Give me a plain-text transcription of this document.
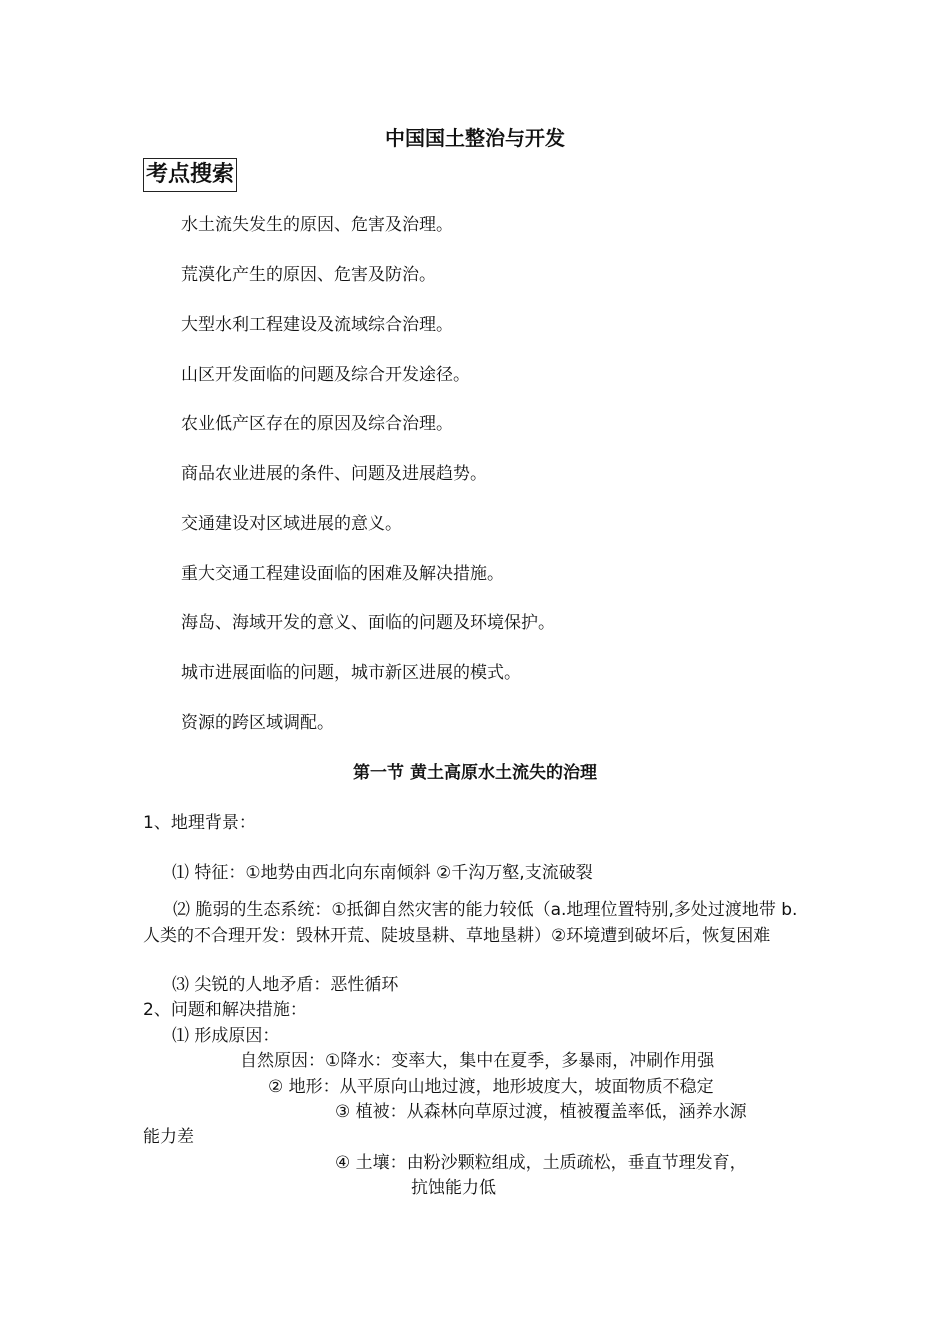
中国国土整治与开发
考点搜索
水土流失发生的原因、危害及治理。
荒漠化产生的原因、危害及防治。
大型水利工程建设及流域综合治理。
山区开发面临的问题及综合开发途径。
农业低产区存在的原因及综合治理。
商品农业进展的条件、问题及进展趋势。
交通建设对区域进展的意义。
重大交通工程建设面临的困难及解决措施。
海岛、海域开发的意义、面临的问题及环境保护。
城市进展面临的问题，城市新区进展的模式。
资源的跨区域调配。
第一节 黄土高原水土流失的治理
1、地理背景：
⑴ 特征：①地势由西北向东南倾斜 ②千沟万壑,支流破裂
⑵ 脆弱的生态系统：①抵御自然灾害的能力较低（a.地理位置特别,多处过渡地带 b.人类的不合理开发：毁林开荒、陡坡垦耕、草地垦耕）②环境遭到破坏后，恢复困难
⑶ 尖锐的人地矛盾：恶性循环
2、问题和解决措施：
⑴ 形成原因：
自然原因：①降水：变率大，集中在夏季，多暴雨，冲刷作用强
② 地形：从平原向山地过渡，地形坡度大，坡面物质不稳定
③ 植被：从森林向草原过渡，植被覆盖率低，涵养水源
能力差
④ 土壤：由粉沙颗粒组成，土质疏松，垂直节理发育，
抗蚀能力低
